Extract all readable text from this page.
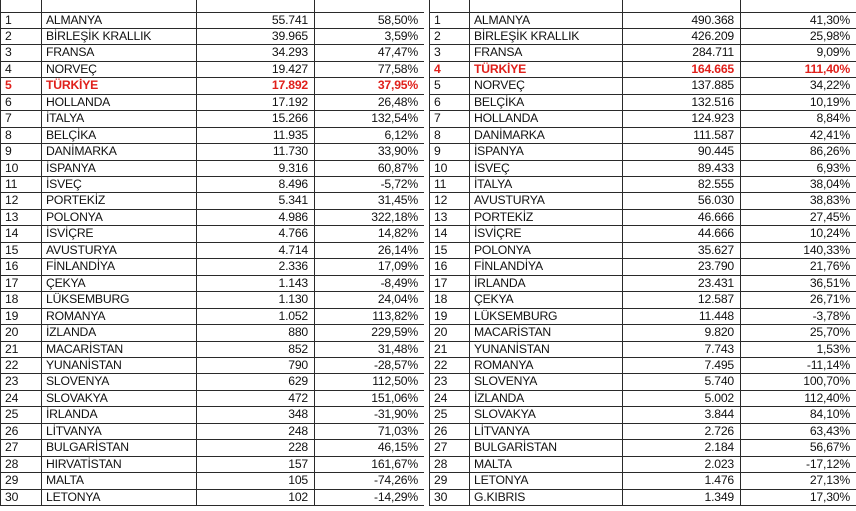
1	ALMANYA	55.741	58,50%
2	BİRLEŞİK KRALLIK	39.965	3,59%
3	FRANSA	34.293	47,47%
4	NORVEÇ	19.427	77,58%
5	TÜRKİYE	17.892	37,95%
6	HOLLANDA	17.192	26,48%
7	İTALYA	15.266	132,54%
8	BELÇİKA	11.935	6,12%
9	DANİMARKA	11.730	33,90%
10	İSPANYA	9.316	60,87%
11	İSVEÇ	8.496	-5,72%
12	PORTEKİZ	5.341	31,45%
13	POLONYA	4.986	322,18%
14	İSVİÇRE	4.766	14,82%
15	AVUSTURYA	4.714	26,14%
16	FİNLANDİYA	2.336	17,09%
17	ÇEKYA	1.143	-8,49%
18	LÜKSEMBURG	1.130	24,04%
19	ROMANYA	1.052	113,82%
20	İZLANDA	880	229,59%
21	MACARİSTAN	852	31,48%
22	YUNANİSTAN	790	-28,57%
23	SLOVENYA	629	112,50%
24	SLOVAKYA	472	151,06%
25	İRLANDA	348	-31,90%
26	LİTVANYA	248	71,03%
27	BULGARİSTAN	228	46,15%
28	HIRVATİSTAN	157	161,67%
29	MALTA	105	-74,26%
30	LETONYA	102	-14,29%

1	ALMANYA	490.368	41,30%
2	BİRLEŞİK KRALLIK	426.209	25,98%
3	FRANSA	284.711	9,09%
4	TÜRKİYE	164.665	111,40%
5	NORVEÇ	137.885	34,22%
6	BELÇİKA	132.516	10,19%
7	HOLLANDA	124.923	8,84%
8	DANİMARKA	111.587	42,41%
9	İSPANYA	90.445	86,26%
10	İSVEÇ	89.433	6,93%
11	İTALYA	82.555	38,04%
12	AVUSTURYA	56.030	38,83%
13	PORTEKİZ	46.666	27,45%
14	İSVİÇRE	44.666	10,24%
15	POLONYA	35.627	140,33%
16	FİNLANDİYA	23.790	21,76%
17	İRLANDA	23.431	36,51%
18	ÇEKYA	12.587	26,71%
19	LÜKSEMBURG	11.448	-3,78%
20	MACARİSTAN	9.820	25,70%
21	YUNANİSTAN	7.743	1,53%
22	ROMANYA	7.495	-11,14%
23	SLOVENYA	5.740	100,70%
24	İZLANDA	5.002	112,40%
25	SLOVAKYA	3.844	84,10%
26	LİTVANYA	2.726	63,43%
27	BULGARİSTAN	2.184	56,67%
28	MALTA	2.023	-17,12%
29	LETONYA	1.476	27,13%
30	G.KIBRIS	1.349	17,30%
